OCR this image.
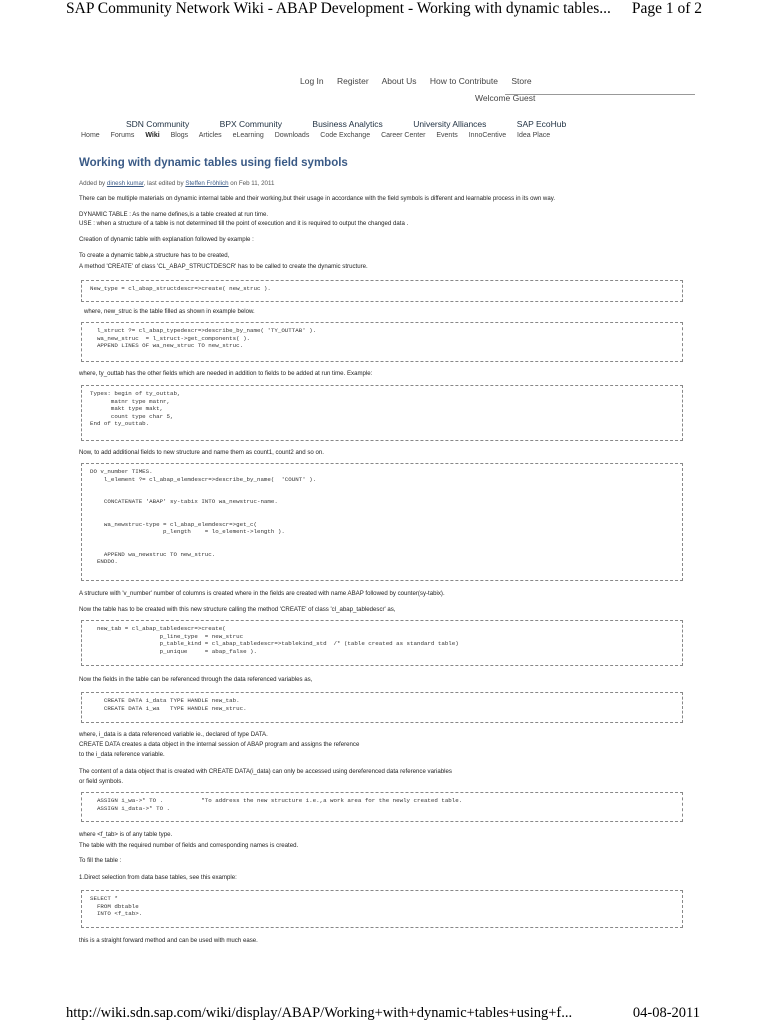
SAP Community Network Wiki - ABAP Development - Working with dynamic tables... Page 1 of 2
Log In Register About Us How to Contribute Store
Welcome Guest
SDN Community	BPX Community	Business Analytics	University Alliances	SAP EcoHub
Home Forums Wiki Blogs Articles eLearning Downloads Code Exchange Career Center Events InnoCentive Idea Place
Working with dynamic tables using field symbols
Added by dinesh kumar, last edited by Steffen Fröhlich on Feb 11, 2011
There can be multiple materials on dynamic internal table and their working,but their usage in accordance with the field symbols is different and learnable process in its own way.
DYNAMIC TABLE : As the name defines,is a table created at run time.
USE : when a structure of a table is not determined till the point of execution and it is required to output the changed data .
Creation of dynamic table with explanation followed by example :
To create a dynamic table,a structure has to be created,
A method 'CREATE' of class 'CL_ABAP_STRUCTDESCR' has to be called to create the dynamic structure.
New_type = cl_abap_structdescr=>create( new_struc ).
where, new_struc is the table filled as shown in example below.
l_struct ?= cl_abap_typedescr=>describe_by_name( 'TY_OUTTAB' ).
wa_new_struc  = l_struct->get_components( ).
APPEND LINES OF wa_new_struc TO new_struc.
where, ty_outtab has the other fields which are needed in addition to fields to be added at run time. Example:
Types: begin of ty_outtab,
matnr type matnr,
makt type makt,
count type char 5,
End of ty_outtab.
Now, to add additional fields to new structure and name them as count1, count2 and so on.
DO v_number TIMES.
l_element ?= cl_abap_elemdescr=>describe_by_name(  'COUNT' ).

CONCATENATE 'ABAP' sy-tabix INTO wa_newstruc-name.

wa_newstruc-type = cl_abap_elemdescr=>get_c(
p_length    = lo_element->length ).

APPEND wa_newstruc TO new_struc.
ENDDO.
A structure with 'v_number' number of columns is created where in the fields are created with name ABAP followed by counter(sy-tabix).
Now the table has to be created with this new structure calling the method 'CREATE' of class 'cl_abap_tabledescr' as,
new_tab = cl_abap_tabledescr=>create(
p_line_type  = new_struc
p_table_kind = cl_abap_tabledescr=>tablekind_std  /* (table created as standard table)
p_unique     = abap_false ).
Now the fields in the table can be referenced through the data referenced variables as,
CREATE DATA i_data TYPE HANDLE new_tab.
CREATE DATA i_wa   TYPE HANDLE new_struc.
where, i_data is a data referenced variable ie., declared of type DATA.
CREATE DATA creates a data object in the internal session of ABAP program and assigns the reference
to the i_data reference variable.
The content of a data object that is created with CREATE DATA(i_data) can only be accessed using dereferenced data reference variables
or field symbols.
ASSIGN i_wa->* TO .           "To address the new structure i.e.,a work area for the newly created table.
ASSIGN i_data->* TO .
where <f_tab> is of any table type.
The table with the required number of fields and corresponding names is created.
To fill the table :
1.Direct selection from data base tables, see this example:
SELECT *
FROM dbtable
INTO <f_tab>.
this is a straight forward method and can be used with much ease.
http://wiki.sdn.sap.com/wiki/display/ABAP/Working+with+dynamic+tables+using+f...	04-08-2011
